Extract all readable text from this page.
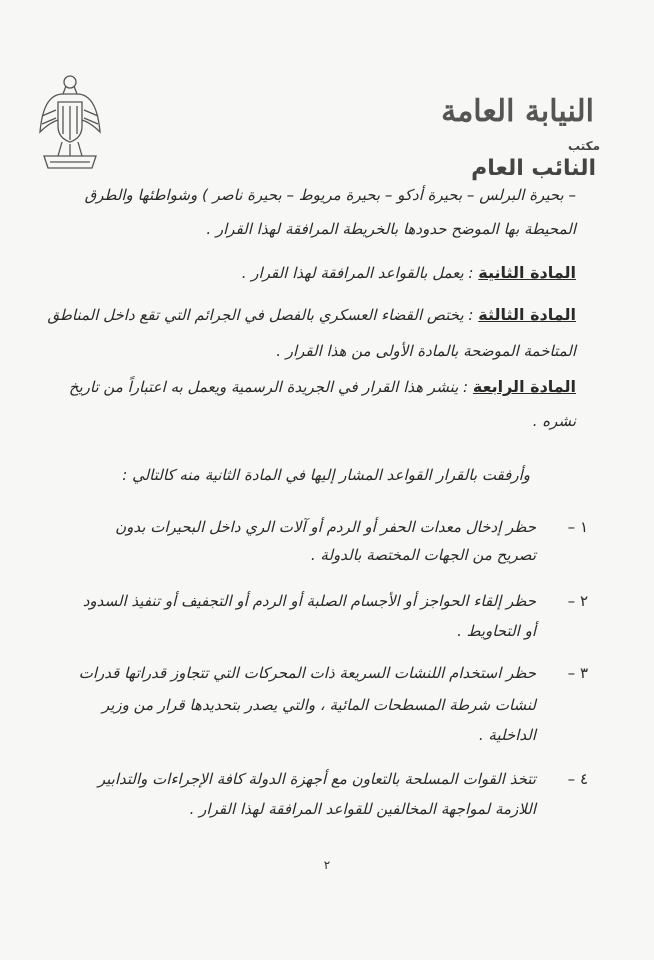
النيابة العامة
مكتب
النائب العام
– بحيرة البرلس – بحيرة أدكو – بحيرة مريوط – بحيرة ناصر ) وشواطئها والطرق
المحيطة بها الموضح حدودها بالخريطة المرافقة لهذا القرار .
المادة الثانية : يعمل بالقواعد المرافقة لهذا القرار .
المادة الثالثة : يختص القضاء العسكري بالفصل في الجرائم التي تقع داخل المناطق
المتاخمة الموضحة بالمادة الأولى من هذا القرار .
المادة الرابعة : ينشر هذا القرار في الجريدة الرسمية ويعمل به اعتباراً من تاريخ
نشره .
وأرفقت بالقرار القواعد المشار إليها في المادة الثانية منه كالتالي :
١ –
حظر إدخال معدات الحفر أو الردم أو آلات الري داخل البحيرات بدون
تصريح من الجهات المختصة بالدولة .
٢ –
حظر إلقاء الحواجز أو الأجسام الصلبة أو الردم أو التجفيف أو تنفيذ السدود
أو التحاويط .
٣ –
حظر استخدام اللنشات السريعة ذات المحركات التي تتجاوز قدراتها قدرات
لنشات شرطة المسطحات المائية ، والتي يصدر بتحديدها قرار من وزير
الداخلية .
٤ –
تتخذ القوات المسلحة بالتعاون مع أجهزة الدولة كافة الإجراءات والتدابير
اللازمة لمواجهة المخالفين للقواعد المرافقة لهذا القرار .
٢
